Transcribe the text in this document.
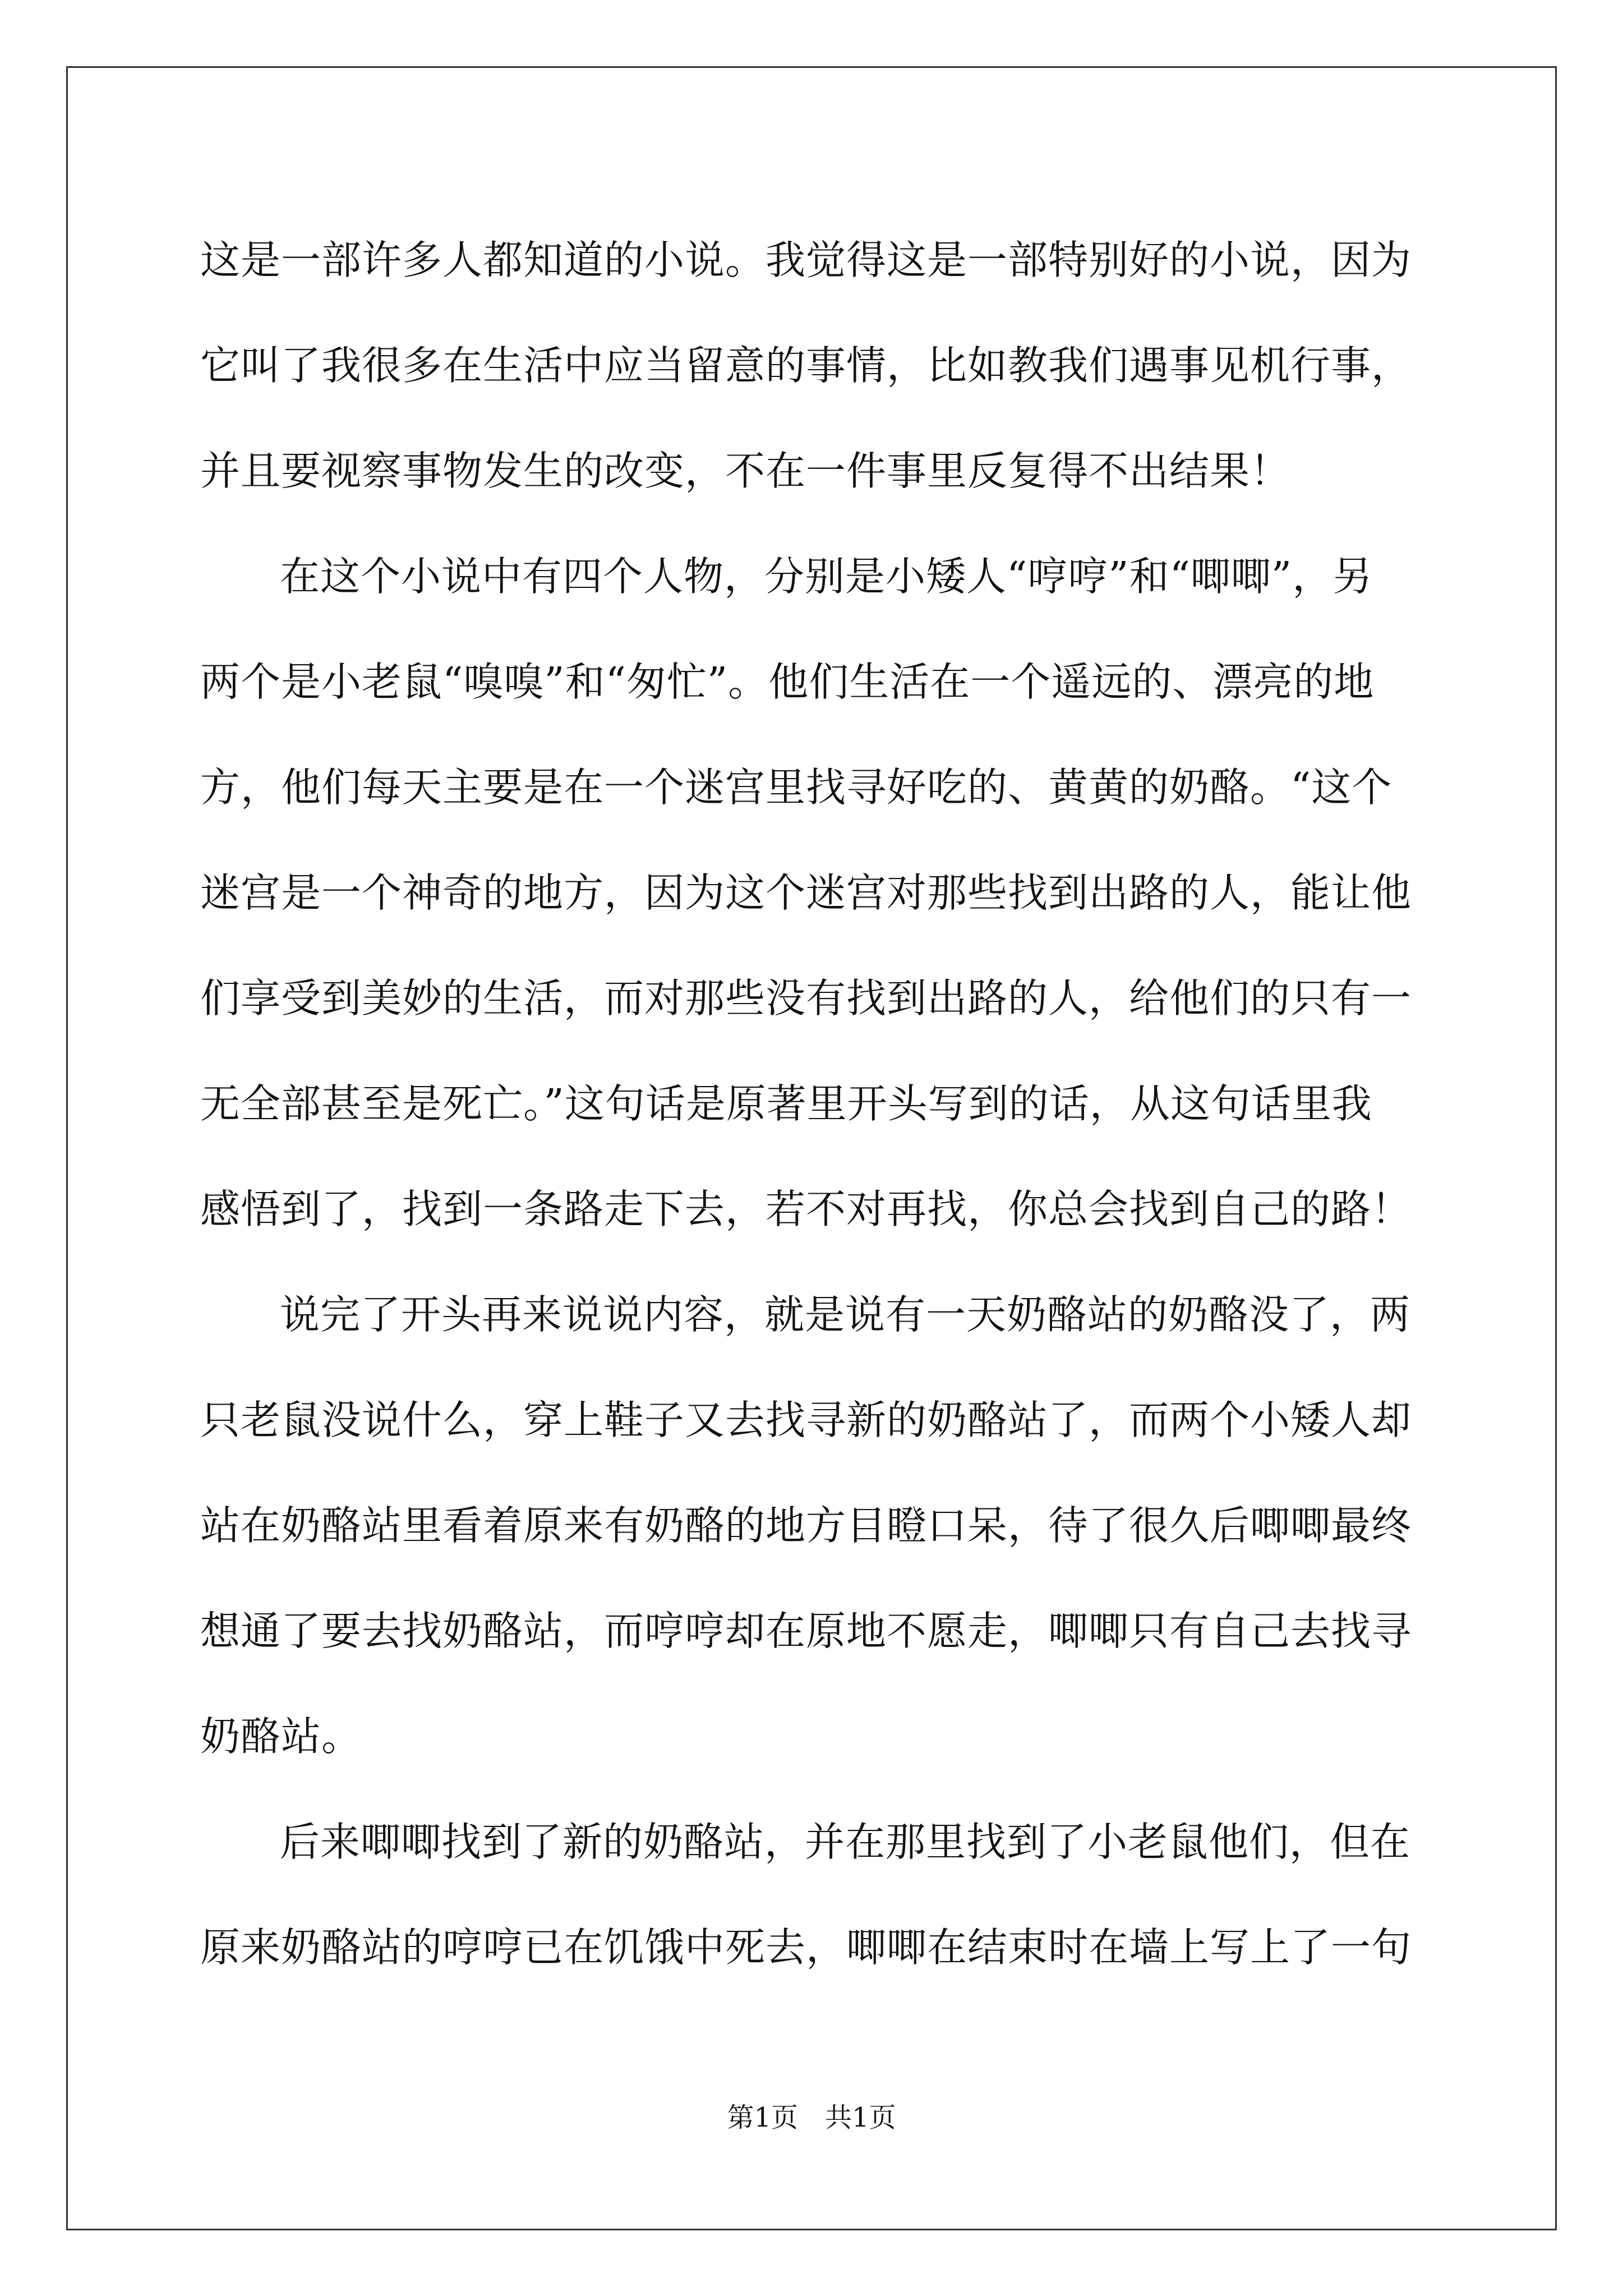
这是一部许多人都知道的小说。我觉得这是一部特别好的小说，因为
它叫了我很多在生活中应当留意的事情，比如教我们遇事见机行事，
并且要视察事物发生的改变，不在一件事里反复得不出结果！
在这个小说中有四个人物，分别是小矮人“哼哼”和“唧唧”，另
两个是小老鼠“嗅嗅”和“匆忙”。他们生活在一个遥远的、漂亮的地
方，他们每天主要是在一个迷宫里找寻好吃的、黄黄的奶酪。“这个
迷宫是一个神奇的地方，因为这个迷宫对那些找到出路的人，能让他
们享受到美妙的生活，而对那些没有找到出路的人，给他们的只有一
无全部甚至是死亡。”这句话是原著里开头写到的话，从这句话里我
感悟到了，找到一条路走下去，若不对再找，你总会找到自己的路！
说完了开头再来说说内容，就是说有一天奶酪站的奶酪没了，两
只老鼠没说什么，穿上鞋子又去找寻新的奶酪站了，而两个小矮人却
站在奶酪站里看着原来有奶酪的地方目瞪口呆，待了很久后唧唧最终
想通了要去找奶酪站，而哼哼却在原地不愿走，唧唧只有自己去找寻
奶酪站。
后来唧唧找到了新的奶酪站，并在那里找到了小老鼠他们，但在
原来奶酪站的哼哼已在饥饿中死去，唧唧在结束时在墙上写上了一句
第1页　共1页
